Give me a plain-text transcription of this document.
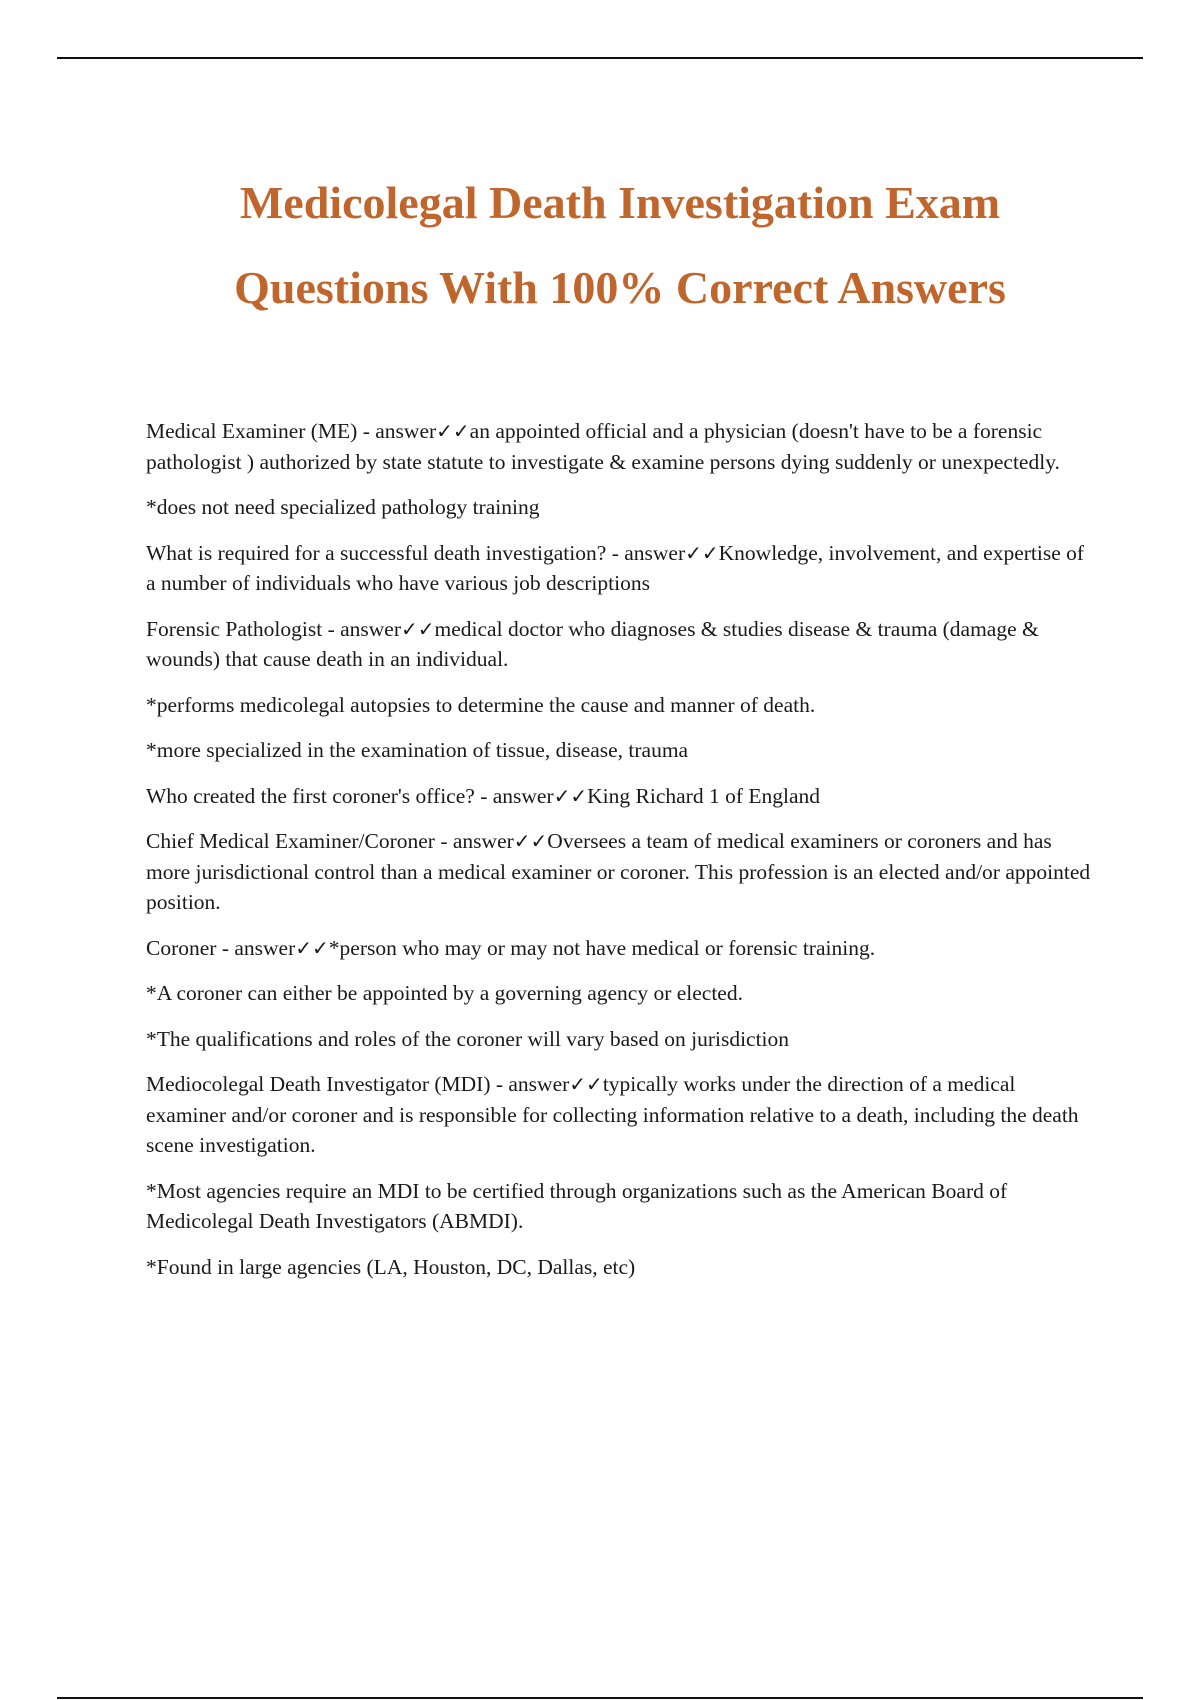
Medicolegal Death Investigation Exam
Questions With 100% Correct Answers

Medical Examiner (ME) - answer✓✓an appointed official and a physician (doesn't have to be a forensic pathologist ) authorized by state statute to investigate & examine persons dying suddenly or unexpectedly.

*does not need specialized pathology training

What is required for a successful death investigation? - answer✓✓Knowledge, involvement, and expertise of a number of individuals who have various job descriptions

Forensic Pathologist - answer✓✓medical doctor who diagnoses & studies disease & trauma (damage & wounds) that cause death in an individual.

*performs medicolegal autopsies to determine the cause and manner of death.

*more specialized in the examination of tissue, disease, trauma

Who created the first coroner's office? - answer✓✓King Richard 1 of England

Chief Medical Examiner/Coroner - answer✓✓Oversees a team of medical examiners or coroners and has more jurisdictional control than a medical examiner or coroner. This profession is an elected and/or appointed position.

Coroner - answer✓✓*person who may or may not have medical or forensic training.

*A coroner can either be appointed by a governing agency or elected.

*The qualifications and roles of the coroner will vary based on jurisdiction

Mediocolegal Death Investigator (MDI) - answer✓✓typically works under the direction of a medical examiner and/or coroner and is responsible for collecting information relative to a death, including the death scene investigation.

*Most agencies require an MDI to be certified through organizations such as the American Board of Medicolegal Death Investigators (ABMDI).

*Found in large agencies (LA, Houston, DC, Dallas, etc)
